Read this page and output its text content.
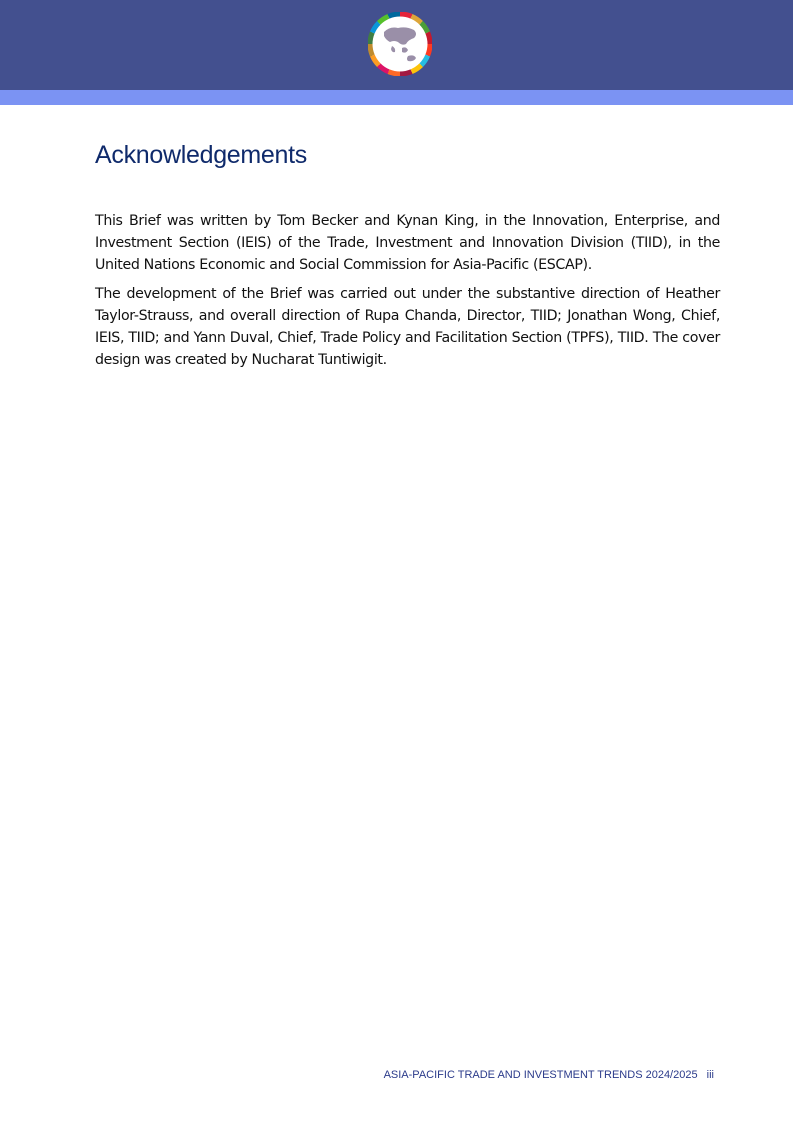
Acknowledgements

This Brief was written by Tom Becker and Kynan King, in the Innovation, Enterprise, and Investment Section (IEIS) of the Trade, Investment and Innovation Division (TIID), in the United Nations Economic and Social Commission for Asia-Pacific (ESCAP).

The development of the Brief was carried out under the substantive direction of Heather Taylor-Strauss, and overall direction of Rupa Chanda, Director, TIID; Jonathan Wong, Chief, IEIS, TIID; and Yann Duval, Chief, Trade Policy and Facilitation Section (TPFS), TIID. The cover design was created by Nucharat Tuntiwigit.

ASIA-PACIFIC TRADE AND INVESTMENT TRENDS 2024/2025 iii
